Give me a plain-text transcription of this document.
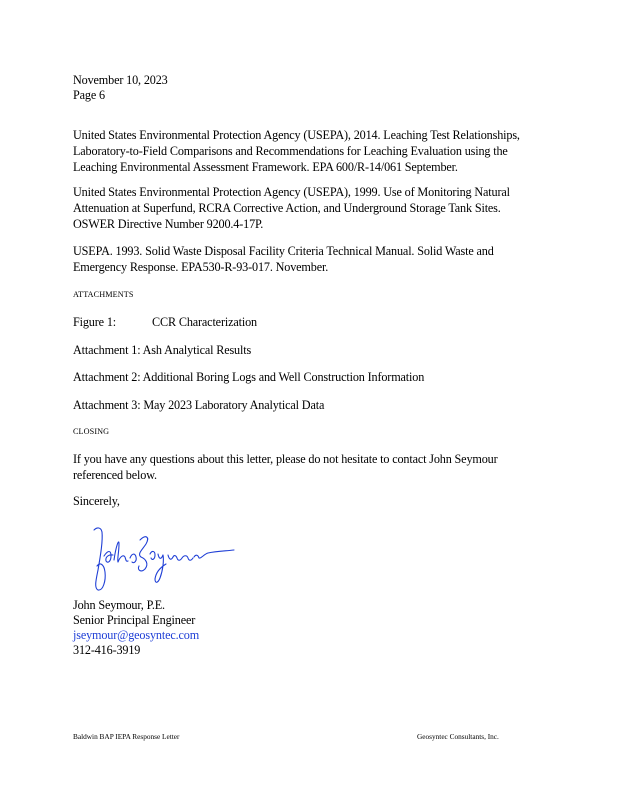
November 10, 2023
Page 6
United States Environmental Protection Agency (USEPA), 2014. Leaching Test Relationships,
Laboratory-to-Field Comparisons and Recommendations for Leaching Evaluation using the
Leaching Environmental Assessment Framework. EPA 600/R-14/061 September.
United States Environmental Protection Agency (USEPA), 1999. Use of Monitoring Natural
Attenuation at Superfund, RCRA Corrective Action, and Underground Storage Tank Sites.
OSWER Directive Number 9200.4-17P.
USEPA. 1993. Solid Waste Disposal Facility Criteria Technical Manual. Solid Waste and
Emergency Response. EPA530-R-93-017. November.
ATTACHMENTS
Figure 1:	CCR Characterization
Attachment 1: Ash Analytical Results
Attachment 2: Additional Boring Logs and Well Construction Information
Attachment 3: May 2023 Laboratory Analytical Data
CLOSING
If you have any questions about this letter, please do not hesitate to contact John Seymour
referenced below.
Sincerely,
John Seymour, P.E.
Senior Principal Engineer
jseymour@geosyntec.com
312-416-3919
Baldwin BAP IEPA Response Letter	Geosyntec Consultants, Inc.
